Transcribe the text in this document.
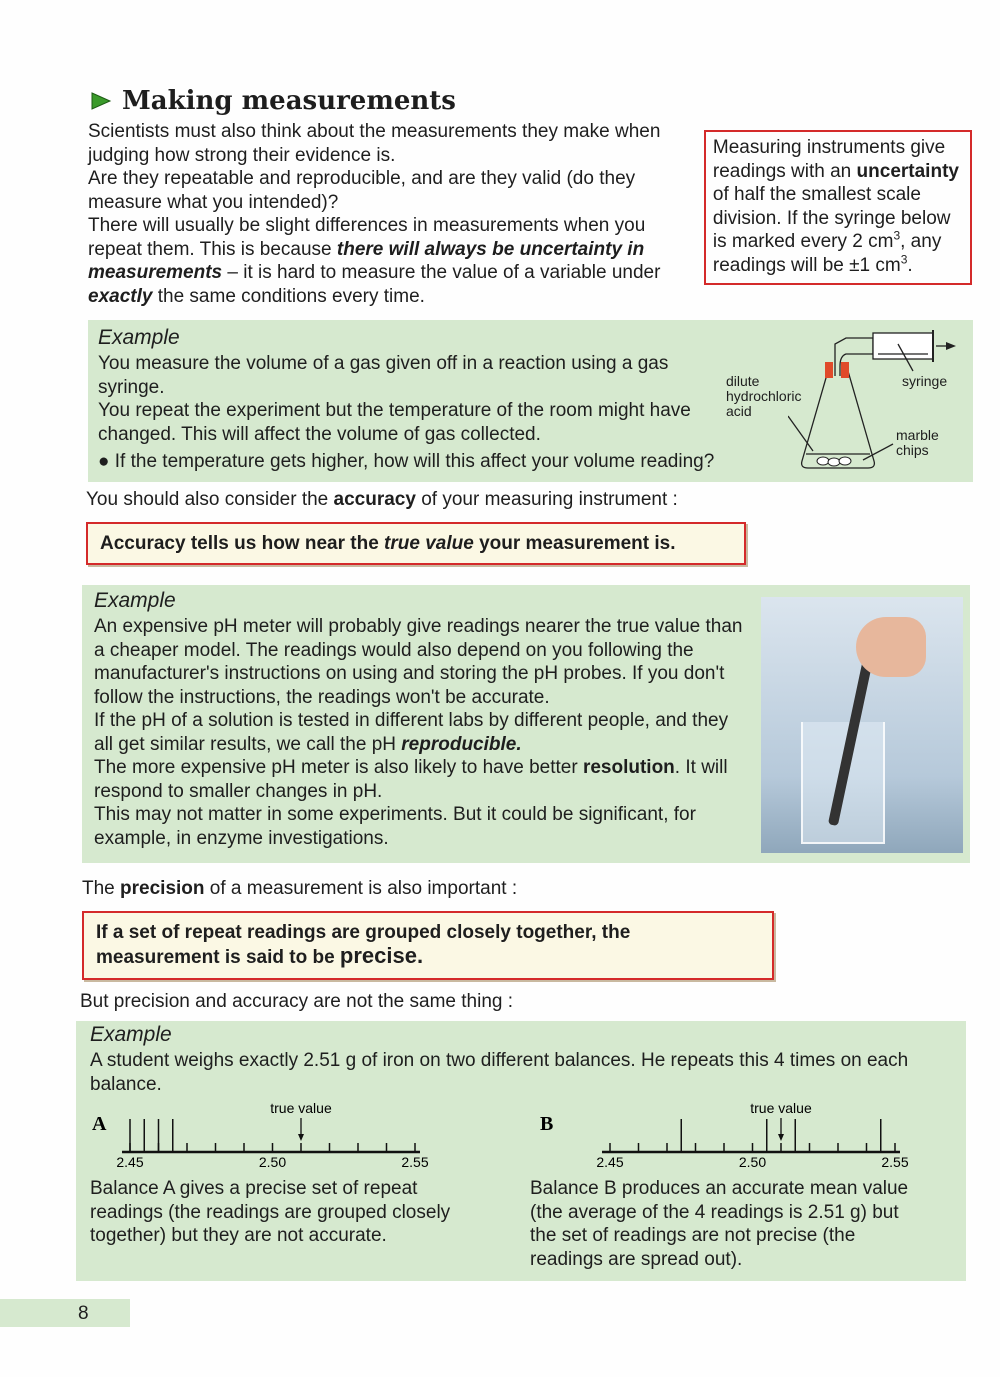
Making measurements
Scientists must also think about the measurements they make when judging how strong their evidence is.
Are they repeatable and reproducible, and are they valid (do they measure what you intended)?
There will usually be slight differences in measurements when you repeat them. This is because there will always be uncertainty in measurements – it is hard to measure the value of a variable under exactly the same conditions every time.
Measuring instruments give readings with an uncertainty of half the smallest scale division. If the syringe below is marked every 2 $cm^3$, any readings will be ±1 $cm^3$.
Example
You measure the volume of a gas given off in a reaction using a gas syringe.
You repeat the experiment but the temperature of the room might have changed. This will affect the volume of gas collected.
● If the temperature gets higher, how will this affect your volume reading?
dilute hydrochloric acid
syringe
marble chips
You should also consider the accuracy of your measuring instrument :
Accuracy tells us how near the true value your measurement is.
Example
An expensive pH meter will probably give readings nearer the true value than a cheaper model. The readings would also depend on you following the manufacturer's instructions on using and storing the pH probes. If you don't follow the instructions, the readings won't be accurate.
If the pH of a solution is tested in different labs by different people, and they all get similar results, we call the pH reproducible.
The more expensive pH meter is also likely to have better resolution. It will respond to smaller changes in pH.
This may not matter in some experiments. But it could be significant, for example, in enzyme investigations.
The precision of a measurement is also important :
If a set of repeat readings are grouped closely together, the measurement is said to be precise.
But precision and accuracy are not the same thing :
Example
A student weighs exactly 2.51 g of iron on two different balances. He repeats this 4 times on each balance.
A
2.45	2.50	2.55
true value
Balance A gives a precise set of repeat readings (the readings are grouped closely together) but they are not accurate.
B
2.45	2.50	2.55
true value
Balance B produces an accurate mean value (the average of the 4 readings is 2.51 g) but the set of readings are not precise (the readings are spread out).
8
